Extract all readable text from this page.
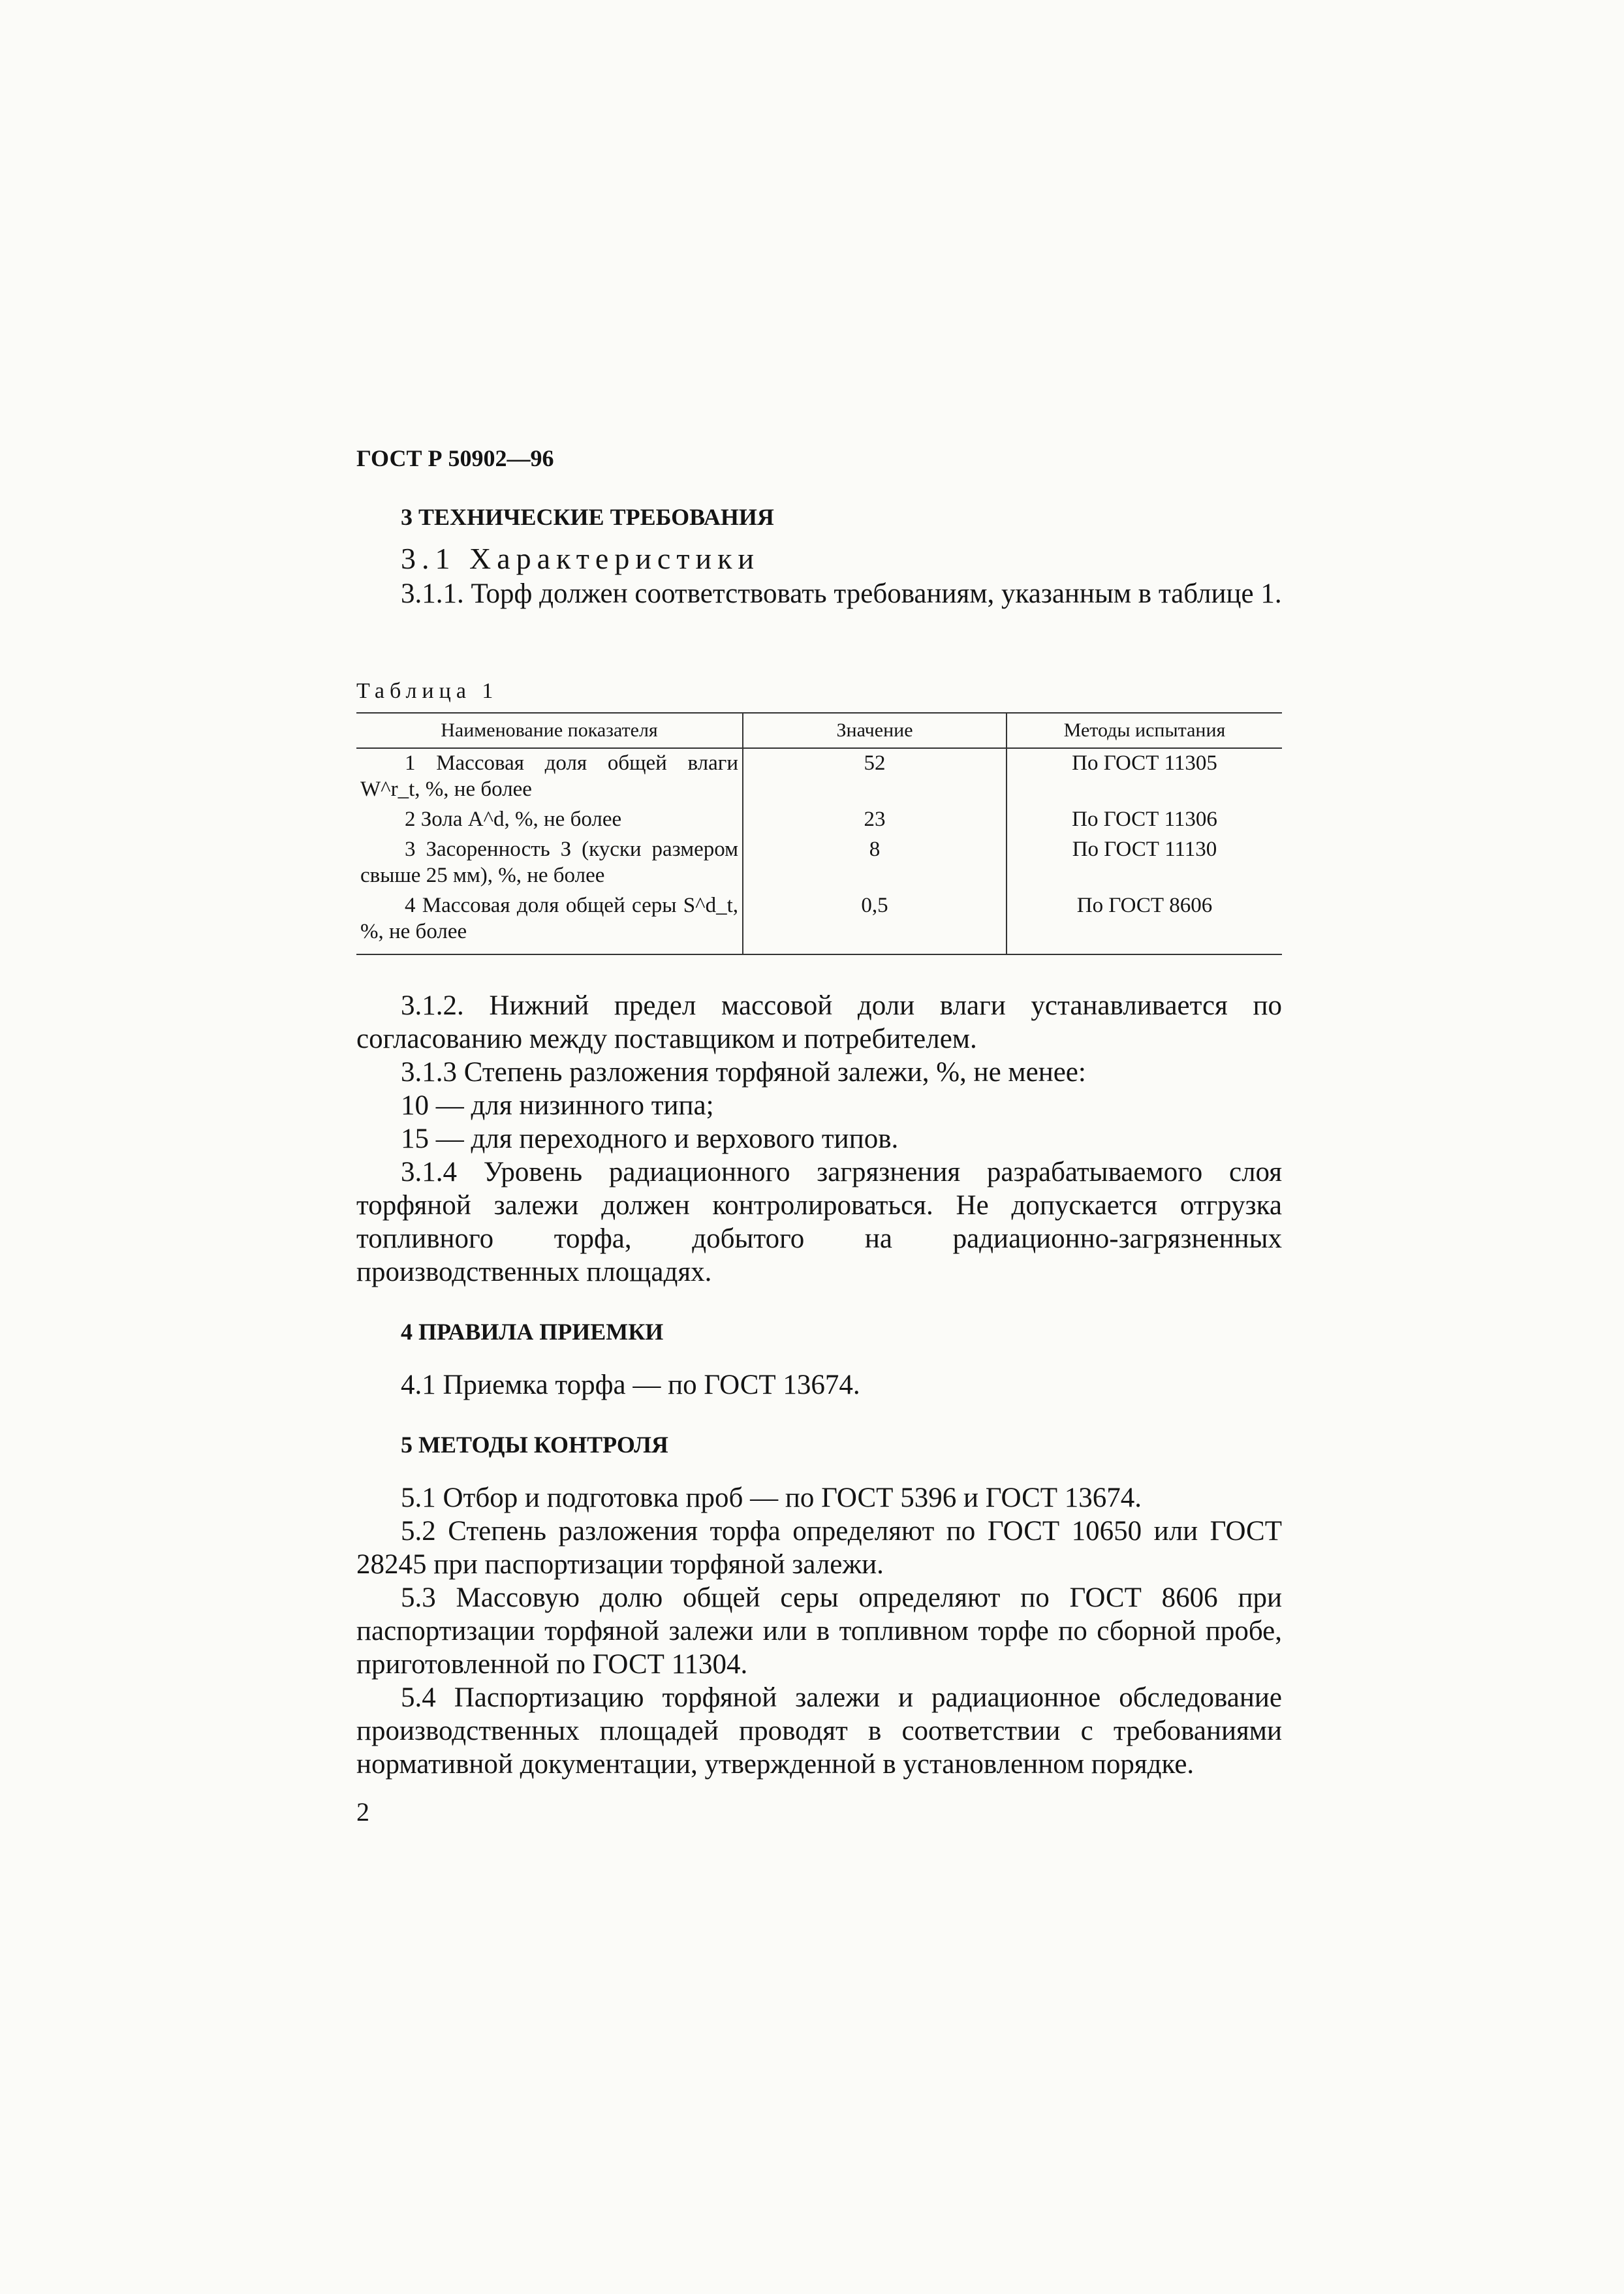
ГОСТ Р 50902—96
3 ТЕХНИЧЕСКИЕ ТРЕБОВАНИЯ
3.1 Характеристики

3.1.1. Торф должен соответствовать требованиям, указанным в таблице 1.

Таблица 1
Наименование показателя	Значение	Методы испытания
1 Массовая доля общей влаги W^r_t, %, не более	52	По ГОСТ 11305
2 Зола A^d, %, не более	23	По ГОСТ 11306
3 Засоренность З (куски размером свыше 25 мм), %, не более	8	По ГОСТ 11130
4 Массовая доля общей серы S^d_t, %, не более	0,5	По ГОСТ 8606

3.1.2. Нижний предел массовой доли влаги устанавливается по согласованию между поставщиком и потребителем.

3.1.3 Степень разложения торфяной залежи, %, не менее:

10 — для низинного типа;

15 — для переходного и верхового типов.

3.1.4 Уровень радиационного загрязнения разрабатываемого слоя торфяной залежи должен контролироваться. Не допускается отгрузка топливного торфа, добытого на радиационно-загрязненных производственных площадях.

4 ПРАВИЛА ПРИЕМКИ

4.1 Приемка торфа — по ГОСТ 13674.

5 МЕТОДЫ КОНТРОЛЯ

5.1 Отбор и подготовка проб — по ГОСТ 5396 и ГОСТ 13674.

5.2 Степень разложения торфа определяют по ГОСТ 10650 или ГОСТ 28245 при паспортизации торфяной залежи.

5.3 Массовую долю общей серы определяют по ГОСТ 8606 при паспортизации торфяной залежи или в топливном торфе по сборной пробе, приготовленной по ГОСТ 11304.

5.4 Паспортизацию торфяной залежи и радиационное обследование производственных площадей проводят в соответствии с требованиями нормативной документации, утвержденной в установленном порядке.

2
